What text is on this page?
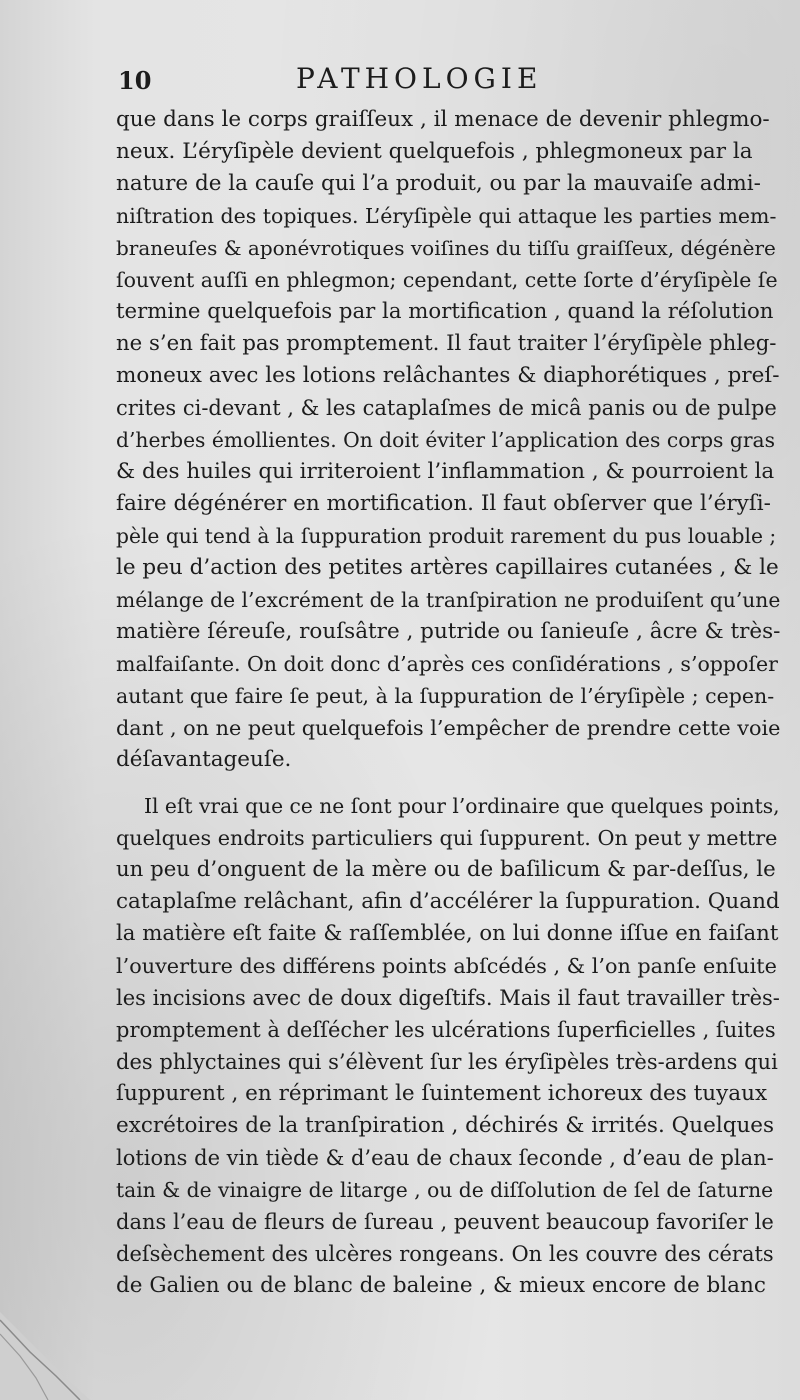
10	PATHOLOGIE
que dans le corps graiſſeux , il menace de devenir phlegmo-
neux. L’éryſipèle devient quelquefois , phlegmoneux par la
nature de la cauſe qui l’a produit, ou par la mauvaiſe admi-
niſtration des topiques. L’éryſipèle qui attaque les parties mem-
braneuſes & aponévrotiques voiſines du tiſſu graiſſeux, dégénère
ſouvent auſſi en phlegmon; cependant, cette ſorte d’éryſipèle ſe
termine quelquefois par la mortification , quand la réſolution
ne s’en fait pas promptement. Il faut traiter l’éryſipèle phleg-
moneux avec les lotions relâchantes & diaphorétiques , preſ-
crites ci-devant , & les cataplaſmes de micâ panis ou de pulpe
d’herbes émollientes. On doit éviter l’application des corps gras
& des huiles qui irriteroient l’inflammation , & pourroient la
faire dégénérer en mortification. Il faut obſerver que l’éryſi-
pèle qui tend à la ſuppuration produit rarement du pus louable ;
le peu d’action des petites artères capillaires cutanées , & le
mélange de l’excrément de la tranſpiration ne produiſent qu’une
matière ſéreuſe, rouſsâtre , putride ou ſanieuſe , âcre & très-
malfaiſante. On doit donc d’après ces conſidérations , s’oppoſer
autant que faire ſe peut, à la ſuppuration de l’éryſipèle ; cepen-
dant , on ne peut quelquefois l’empêcher de prendre cette voie
déſavantageuſe.
Il eſt vrai que ce ne ſont pour l’ordinaire que quelques points,
quelques endroits particuliers qui ſuppurent. On peut y mettre
un peu d’onguent de la mère ou de baſilicum & par-deſſus, le
cataplaſme relâchant, afin d’accélérer la ſuppuration. Quand
la matière eſt faite & raſſemblée, on lui donne iſſue en faiſant
l’ouverture des différens points abſcédés , & l’on panſe enſuite
les incisions avec de doux digeſtifs. Mais il faut travailler très-
promptement à deſſécher les ulcérations ſuperficielles , ſuites
des phlyctaines qui s’élèvent ſur les éryſipèles très-ardens qui
ſuppurent , en réprimant le ſuintement ichoreux des tuyaux
excrétoires de la tranſpiration , déchirés & irrités. Quelques
lotions de vin tiède & d’eau de chaux ſeconde , d’eau de plan-
tain & de vinaigre de litarge , ou de diſſolution de ſel de ſaturne
dans l’eau de fleurs de ſureau , peuvent beaucoup favoriſer le
deſsèchement des ulcères rongeans. On les couvre des cérats
de Galien ou de blanc de baleine , & mieux encore de blanc
